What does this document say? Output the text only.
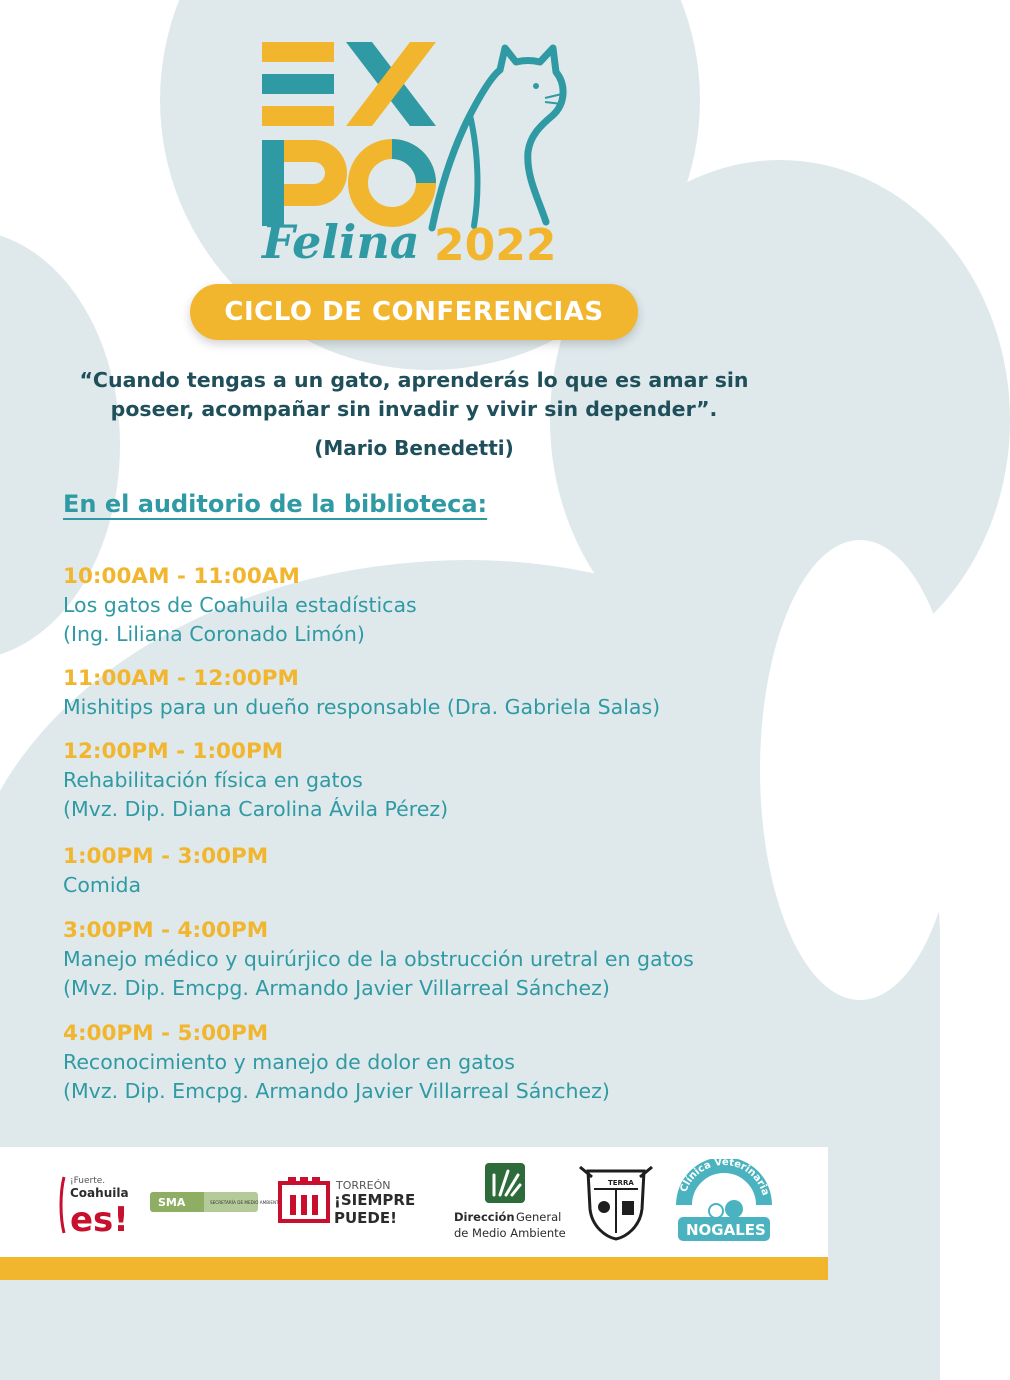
Felina 2022
EXPO
CICLO DE CONFERENCIAS
“Cuando tengas a un gato, aprenderás lo que es amar sin
poseer, acompañar sin invadir y vivir sin depender”.
(Mario Benedetti)
En el auditorio de la biblioteca:
10:00AM - 11:00AM
Los gatos de Coahuila estadísticas
(Ing. Liliana Coronado Limón)
11:00AM - 12:00PM
Mishitips para un dueño responsable (Dra. Gabriela Salas)
12:00PM - 1:00PM
Rehabilitación física en gatos
(Mvz. Dip. Diana Carolina Ávila Pérez)
1:00PM - 3:00PM
Comida
3:00PM - 4:00PM
Manejo médico y quirúrjico de la obstrucción uretral en gatos
(Mvz. Dip. Emcpg. Armando Javier Villarreal Sánchez)
4:00PM - 5:00PM
Reconocimiento y manejo de dolor en gatos
(Mvz. Dip. Emcpg. Armando Javier Villarreal Sánchez)
¡Fuerte.
Coahuila
es!	SMA	SECRETARÍA DE MEDIO AMBIENTE
TORREÓN
¡SIEMPRE
PUEDE!	Dirección General
de Medio Ambiente
TERRA	Clínica Veterinaria
NOGALES
